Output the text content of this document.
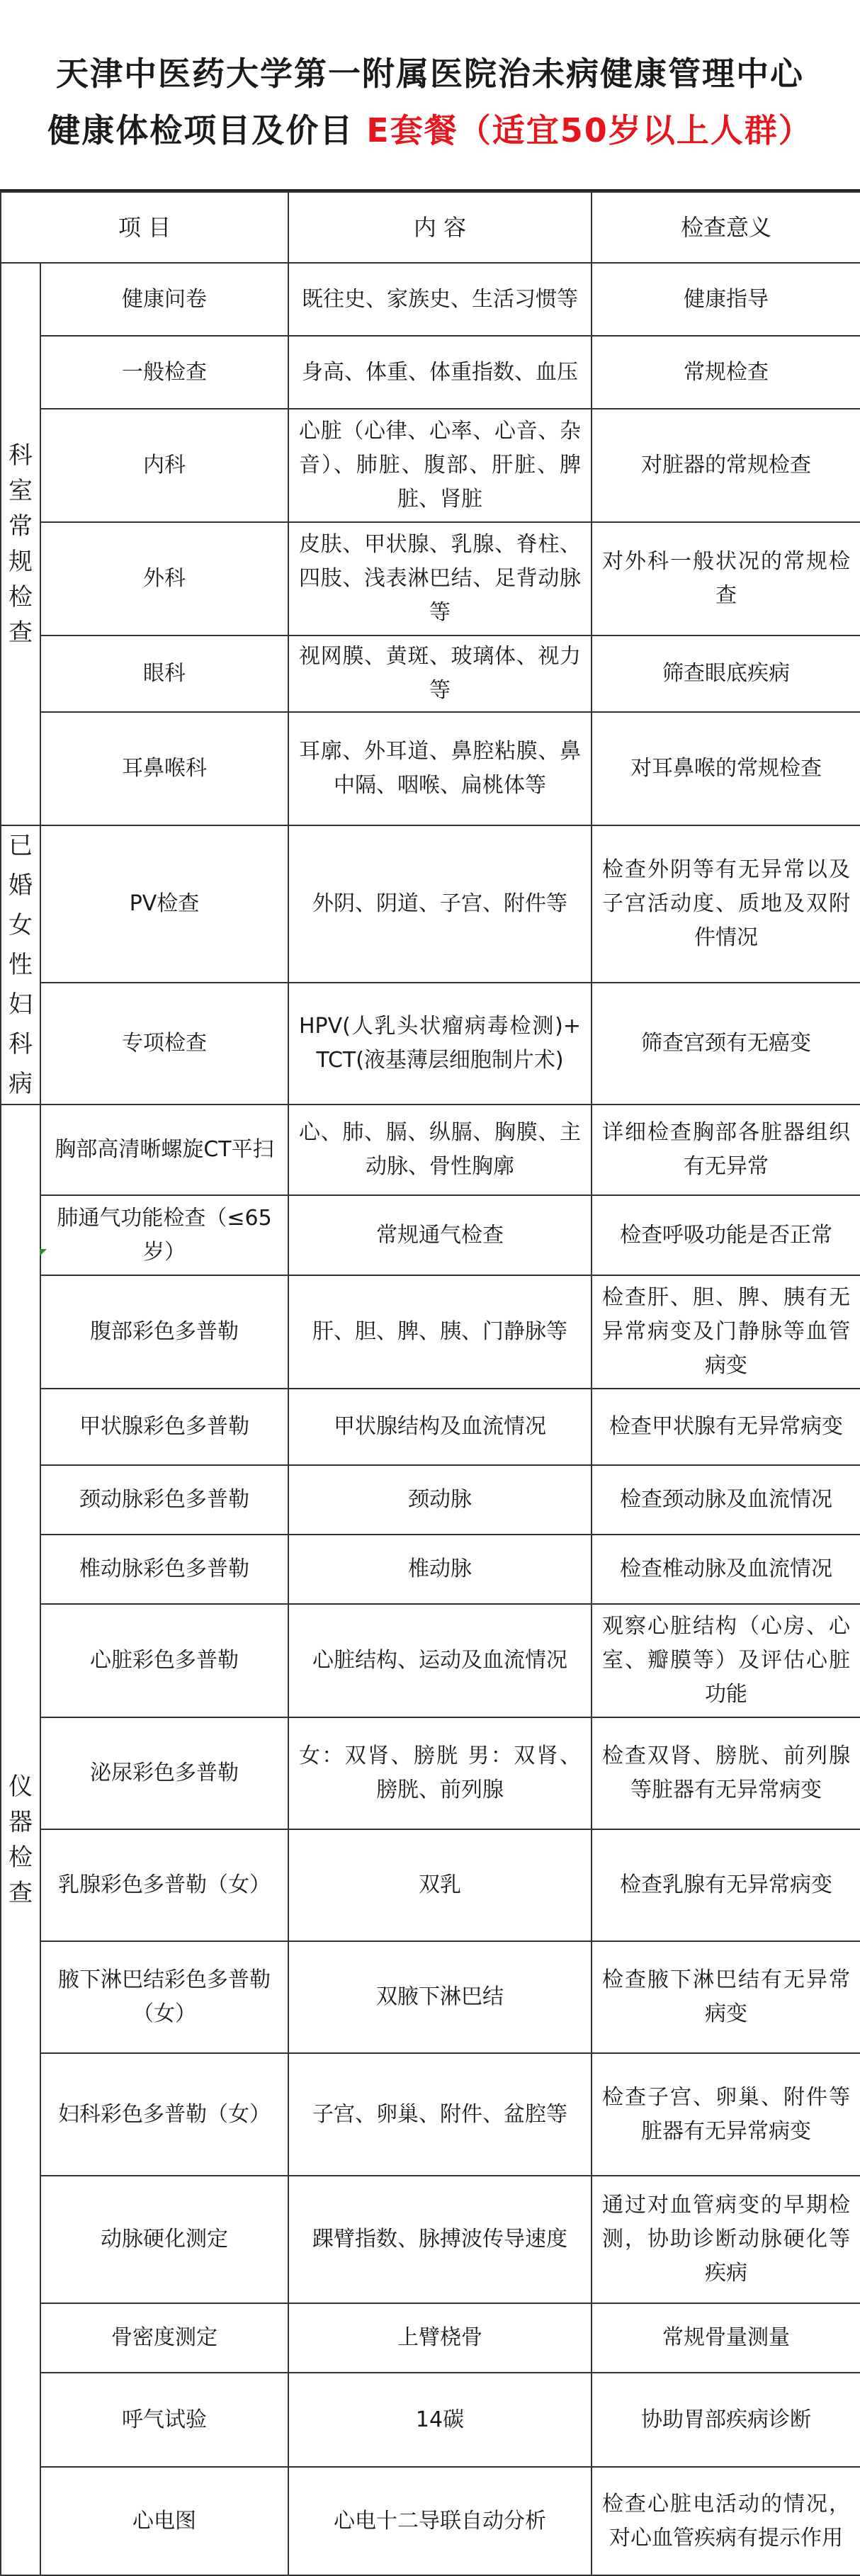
天津中医药大学第一附属医院治未病健康管理中心
健康体检项目及价目 E套餐（适宜50岁以上人群）
项 目		内 容	检查意义
科室常规检查	健康问卷	既往史、家族史、生活习惯等	健康指导
	一般检查	身高、体重、体重指数、血压	常规检查
	内科	心脏（心律、心率、心音、杂音）、肺脏、腹部、肝脏、脾脏、肾脏	对脏器的常规检查
	外科	皮肤、甲状腺、乳腺、脊柱、四肢、浅表淋巴结、足背动脉等	对外科一般状况的常规检查
	眼科	视网膜、黄斑、玻璃体、视力等	筛查眼底疾病
	耳鼻喉科	耳廓、外耳道、鼻腔粘膜、鼻中隔、咽喉、扁桃体等	对耳鼻喉的常规检查
已婚女性妇科病	PV检查	外阴、阴道、子宫、附件等	检查外阴等有无异常以及子宫活动度、质地及双附件情况
	专项检查	HPV(人乳头状瘤病毒检测)+ TCT(液基薄层细胞制片术)	筛查宫颈有无癌变
仪器检查	胸部高清晰螺旋CT平扫	心、肺、膈、纵膈、胸膜、主动脉、骨性胸廓	详细检查胸部各脏器组织有无异常
	肺通气功能检查（≤65岁）	常规通气检查	检查呼吸功能是否正常
	腹部彩色多普勒	肝、胆、脾、胰、门静脉等	检查肝、胆、脾、胰有无异常病变及门静脉等血管病变
	甲状腺彩色多普勒	甲状腺结构及血流情况	检查甲状腺有无异常病变
	颈动脉彩色多普勒	颈动脉	检查颈动脉及血流情况
	椎动脉彩色多普勒	椎动脉	检查椎动脉及血流情况
	心脏彩色多普勒	心脏结构、运动及血流情况	观察心脏结构（心房、心室、瓣膜等）及评估心脏功能
	泌尿彩色多普勒	女：双肾、膀胱 男：双肾、膀胱、前列腺	检查双肾、膀胱、前列腺等脏器有无异常病变
	乳腺彩色多普勒（女）	双乳	检查乳腺有无异常病变
	腋下淋巴结彩色多普勒（女）	双腋下淋巴结	检查腋下淋巴结有无异常病变
	妇科彩色多普勒（女）	子宫、卵巢、附件、盆腔等	检查子宫、卵巢、附件等脏器有无异常病变
	动脉硬化测定	踝臂指数、脉搏波传导速度	通过对血管病变的早期检测，协助诊断动脉硬化等疾病
	骨密度测定	上臂桡骨	常规骨量测量
	呼气试验	14碳	协助胃部疾病诊断
	心电图	心电十二导联自动分析	检查心脏电活动的情况，对心血管疾病有提示作用
